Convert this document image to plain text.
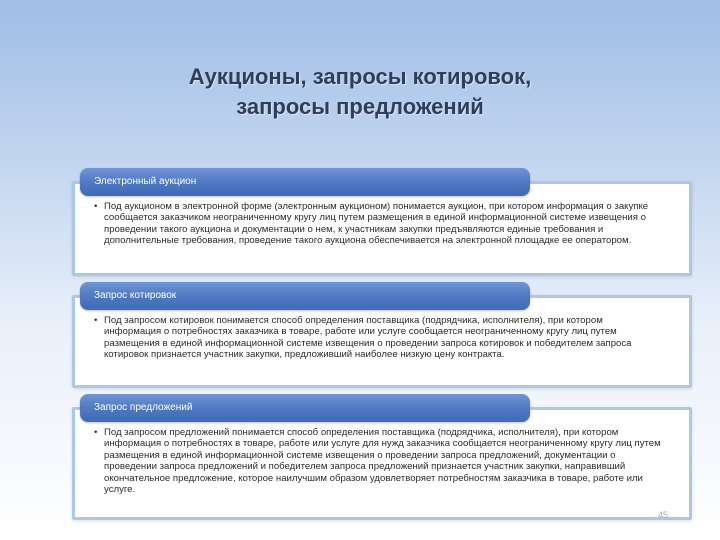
Аукционы, запросы котировок,
запросы предложений
Электронный аукцион
• Под аукционом в электронной форме (электронным аукционом) понимается аукцион, при котором информация о закупке сообщается заказчиком неограниченному кругу лиц путем размещения в единой информационной системе извещения о проведении такого аукциона и документации о нем, к участникам закупки предъявляются единые требования и дополнительные требования, проведение такого аукциона обеспечивается на электронной площадке ее оператором.
Запрос котировок
• Под запросом котировок понимается способ определения поставщика (подрядчика, исполнителя), при котором информация о потребностях заказчика в товаре, работе или услуге сообщается неограниченному кругу лиц путем размещения в единой информационной системе извещения о проведении запроса котировок и победителем запроса котировок признается участник закупки, предложивший наиболее низкую цену контракта.
Запрос предложений
• Под запросом предложений понимается способ определения поставщика (подрядчика, исполнителя), при котором информация о потребностях в товаре, работе или услуге для нужд заказчика сообщается неограниченному кругу лиц путем размещения в единой информационной системе извещения о проведении запроса предложений, документации о проведении запроса предложений и победителем запроса предложений признается участник закупки, направивший окончательное предложение, которое наилучшим образом удовлетворяет потребностям заказчика в товаре, работе или услуге.
45
